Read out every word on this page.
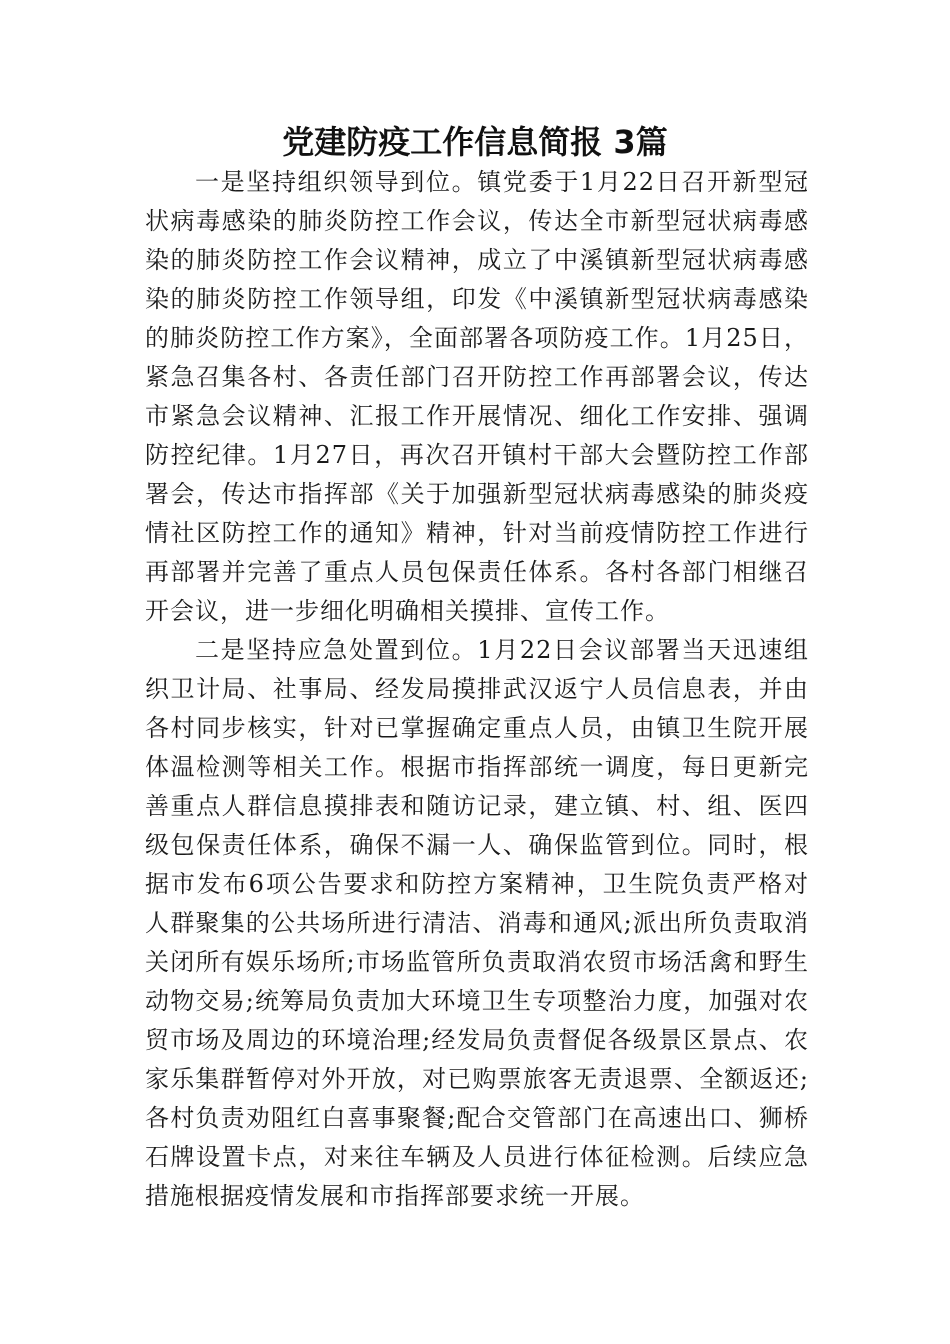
党建防疫工作信息简报 3篇

一是坚持组织领导到位。镇党委于1月22日召开新型冠状病毒感染的肺炎防控工作会议，传达全市新型冠状病毒感染的肺炎防控工作会议精神，成立了中溪镇新型冠状病毒感染的肺炎防控工作领导组，印发《中溪镇新型冠状病毒感染的肺炎防控工作方案》，全面部署各项防疫工作。1月25日，紧急召集各村、各责任部门召开防控工作再部署会议，传达市紧急会议精神、汇报工作开展情况、细化工作安排、强调防控纪律。1月27日，再次召开镇村干部大会暨防控工作部署会，传达市指挥部《关于加强新型冠状病毒感染的肺炎疫情社区防控工作的通知》精神，针对当前疫情防控工作进行再部署并完善了重点人员包保责任体系。各村各部门相继召开会议，进一步细化明确相关摸排、宣传工作。

二是坚持应急处置到位。1月22日会议部署当天迅速组织卫计局、社事局、经发局摸排武汉返宁人员信息表，并由各村同步核实，针对已掌握确定重点人员，由镇卫生院开展体温检测等相关工作。根据市指挥部统一调度，每日更新完善重点人群信息摸排表和随访记录，建立镇、村、组、医四级包保责任体系，确保不漏一人、确保监管到位。同时，根据市发布6项公告要求和防控方案精神，卫生院负责严格对人群聚集的公共场所进行清洁、消毒和通风;派出所负责取消关闭所有娱乐场所;市场监管所负责取消农贸市场活禽和野生动物交易;统筹局负责加大环境卫生专项整治力度，加强对农贸市场及周边的环境治理;经发局负责督促各级景区景点、农家乐集群暂停对外开放，对已购票旅客无责退票、全额返还;各村负责劝阻红白喜事聚餐;配合交管部门在高速出口、狮桥石牌设置卡点，对来往车辆及人员进行体征检测。后续应急措施根据疫情发展和市指挥部要求统一开展。
